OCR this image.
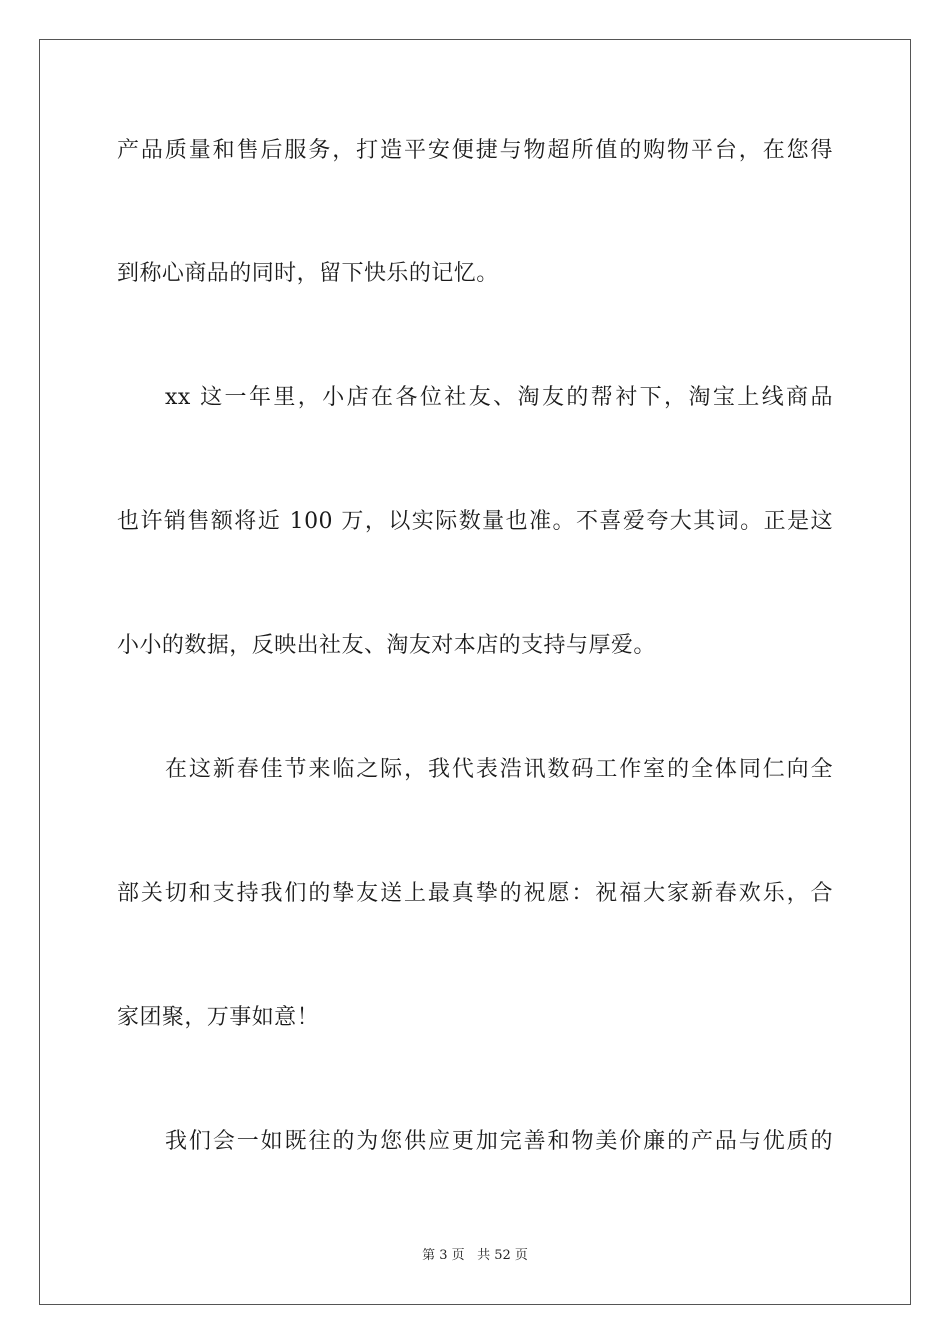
产品质量和售后服务，打造平安便捷与物超所值的购物平台，在您得
到称心商品的同时，留下快乐的记忆。
xx 这一年里，小店在各位社友、淘友的帮衬下，淘宝上线商品
也许销售额将近 100 万，以实际数量也准。不喜爱夸大其词。正是这
小小的数据，反映出社友、淘友对本店的支持与厚爱。
在这新春佳节来临之际，我代表浩讯数码工作室的全体同仁向全
部关切和支持我们的挚友送上最真挚的祝愿：祝福大家新春欢乐，合
家团聚，万事如意！
我们会一如既往的为您供应更加完善和物美价廉的产品与优质的
第 3 页 共 52 页
